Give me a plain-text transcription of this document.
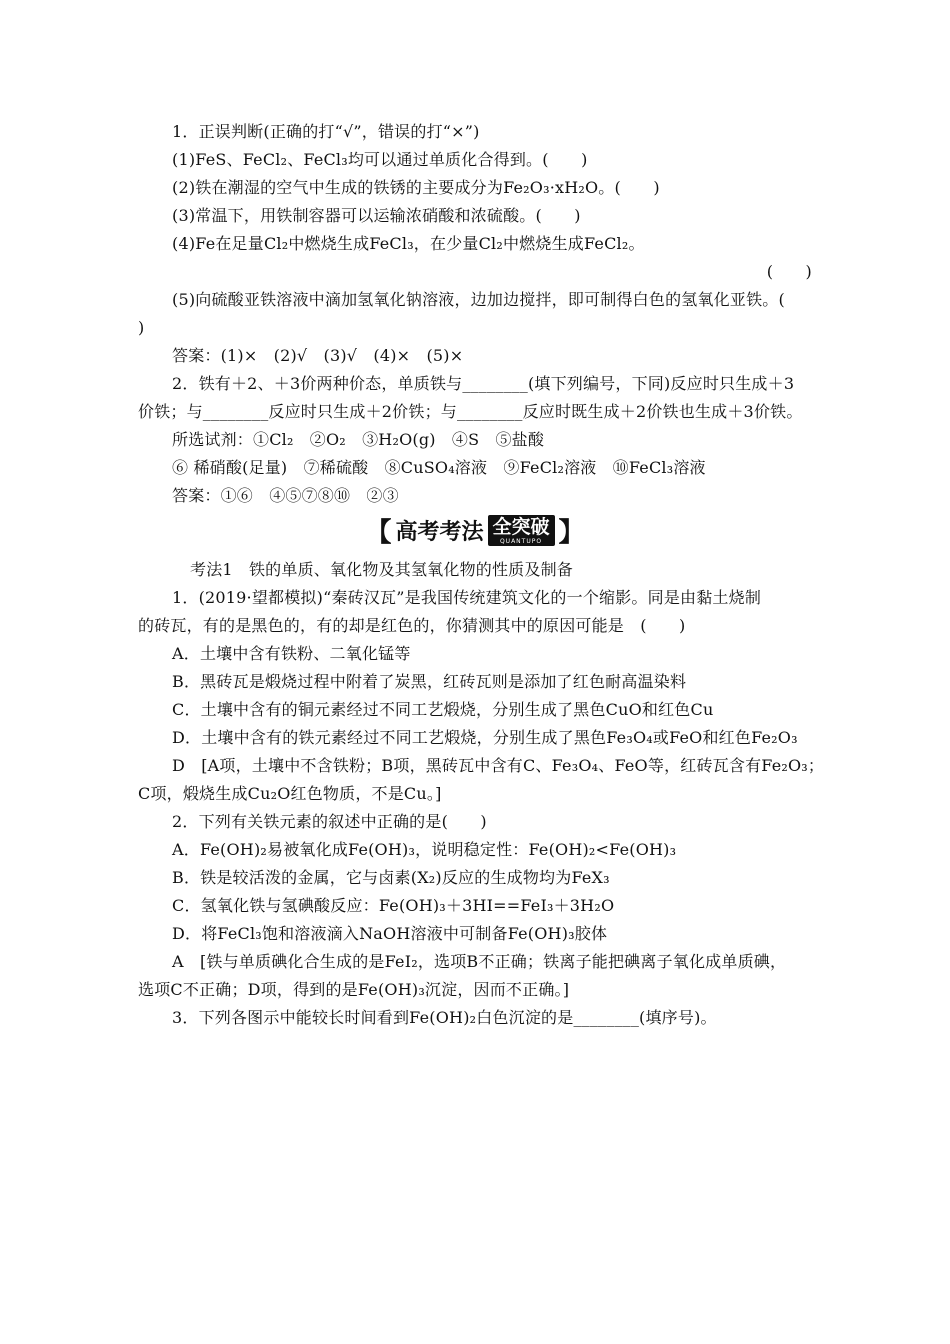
1．正误判断(正确的打“√”，错误的打“×”)
(1)FeS、FeCl₂、FeCl₃均可以通过单质化合得到。(　　)
(2)铁在潮湿的空气中生成的铁锈的主要成分为Fe₂O₃·xH₂O。(　　)
(3)常温下，用铁制容器可以运输浓硝酸和浓硫酸。(　　)
(4)Fe在足量Cl₂中燃烧生成FeCl₃，在少量Cl₂中燃烧生成FeCl₂。
(　　)
(5)向硫酸亚铁溶液中滴加氢氧化钠溶液，边加边搅拌，即可制得白色的氢氧化亚铁。(
)
答案：(1)×　(2)√　(3)√　(4)×　(5)×
2．铁有＋2、＋3价两种价态，单质铁与________(填下列编号，下同)反应时只生成＋3
价铁；与________反应时只生成＋2价铁；与________反应时既生成＋2价铁也生成＋3价铁。
所选试剂：①Cl₂　②O₂　③H₂O(g)　④S　⑤盐酸
⑥ 稀硝酸(足量)　⑦稀硫酸　⑧CuSO₄溶液　⑨FeCl₂溶液　⑩FeCl₃溶液
答案：①⑥　④⑤⑦⑧⑩　②③
【 高考考法 全突破
QUANTUPO 】
考法1　铁的单质、氧化物及其氢氧化物的性质及制备
1．(2019·望都模拟)“秦砖汉瓦”是我国传统建筑文化的一个缩影。同是由黏土烧制
的砖瓦，有的是黑色的，有的却是红色的，你猜测其中的原因可能是　(　　)
A．土壤中含有铁粉、二氧化锰等
B．黑砖瓦是煅烧过程中附着了炭黑，红砖瓦则是添加了红色耐高温染料
C．土壤中含有的铜元素经过不同工艺煅烧，分别生成了黑色CuO和红色Cu
D．土壤中含有的铁元素经过不同工艺煅烧，分别生成了黑色Fe₃O₄或FeO和红色Fe₂O₃
D　[A项，土壤中不含铁粉；B项，黑砖瓦中含有C、Fe₃O₄、FeO等，红砖瓦含有Fe₂O₃；
C项，煅烧生成Cu₂O红色物质，不是Cu。]
2．下列有关铁元素的叙述中正确的是(　　)
A．Fe(OH)₂易被氧化成Fe(OH)₃，说明稳定性：Fe(OH)₂<Fe(OH)₃
B．铁是较活泼的金属，它与卤素(X₂)反应的生成物均为FeX₃
C．氢氧化铁与氢碘酸反应：Fe(OH)₃＋3HI==FeI₃＋3H₂O
D．将FeCl₃饱和溶液滴入NaOH溶液中可制备Fe(OH)₃胶体
A　[铁与单质碘化合生成的是FeI₂，选项B不正确；铁离子能把碘离子氧化成单质碘，
选项C不正确；D项，得到的是Fe(OH)₃沉淀，因而不正确。]
3．下列各图示中能较长时间看到Fe(OH)₂白色沉淀的是________(填序号)。
